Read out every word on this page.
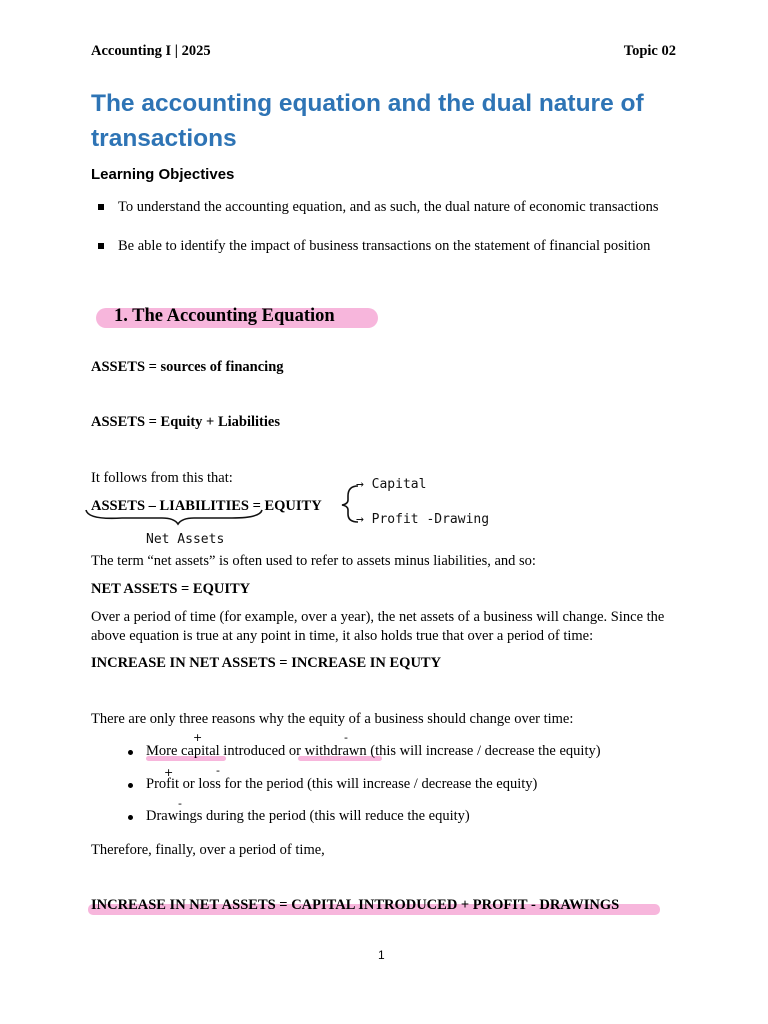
Accounting I | 2025	Topic 02
The accounting equation and the dual nature of transactions
Learning Objectives
To understand the accounting equation, and as such, the dual nature of economic transactions
Be able to identify the impact of business transactions on the statement of financial position
1. The Accounting Equation
ASSETS = sources of financing
ASSETS = Equity + Liabilities
It follows from this that:
ASSETS – LIABILITIES = EQUITY
→ Capital
→ Profit -Drawing
Net Assets
The term “net assets” is often used to refer to assets minus liabilities, and so:
NET ASSETS = EQUITY
Over a period of time (for example, over a year), the net assets of a business will change. Since the above equation is true at any point in time, it also holds true that over a period of time:
INCREASE IN NET ASSETS = INCREASE IN EQUTY
There are only three reasons why the equity of a business should change over time:
+	-
+	-
-
More capital introduced or withdrawn (this will increase / decrease the equity)
Profit or loss for the period (this will increase / decrease the equity)
Drawings during the period (this will reduce the equity)
Therefore, finally, over a period of time,
INCREASE IN NET ASSETS = CAPITAL INTRODUCED + PROFIT - DRAWINGS
1
